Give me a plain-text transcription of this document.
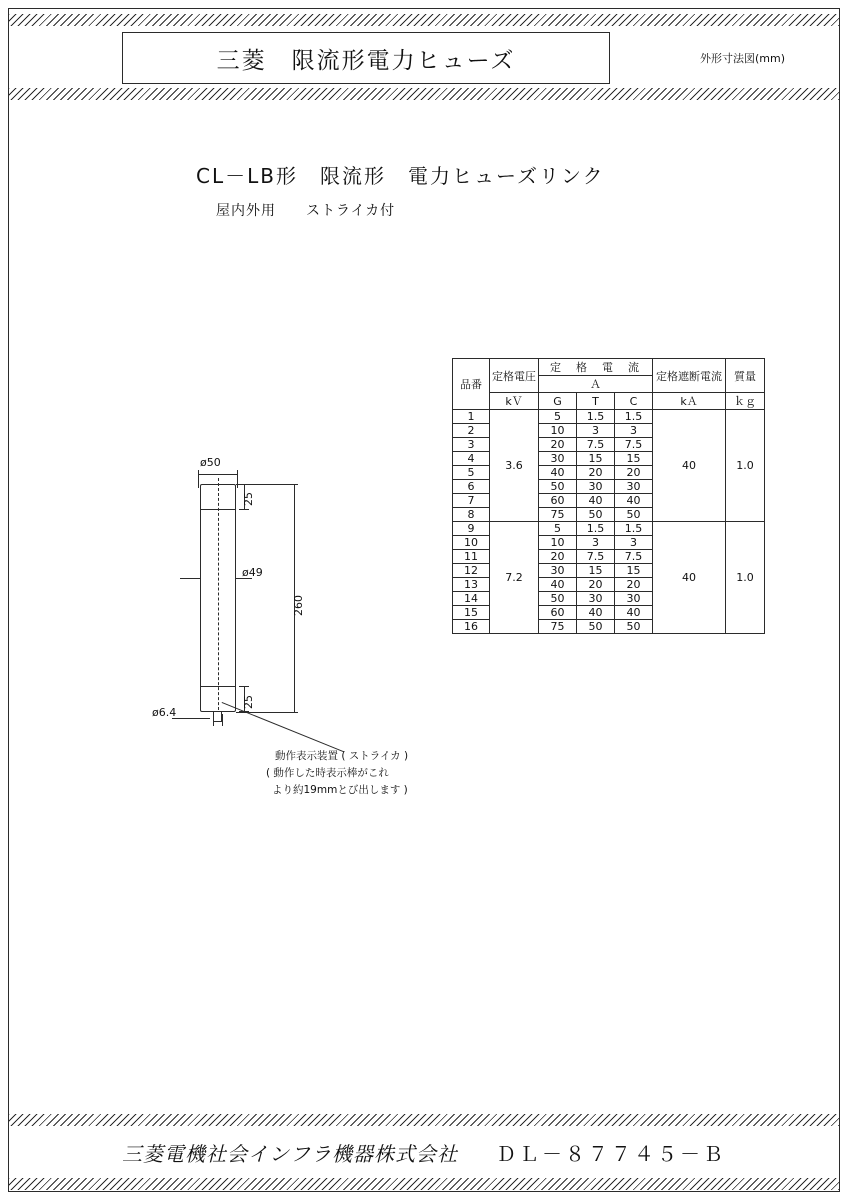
三菱　限流形電力ヒューズ	外形寸法図(mm)
CL－LB形　限流形　電力ヒューズリンク
屋内外用　　ストライカ付
ø50
25
25
260
ø49
ø6.4
動作表示装置 ( ストライカ )
( 動作した時表示棒がこれ
より約19mmとび出します )
品番	定格電圧	定　格　電　流			定格遮断電流	質量
		Ａ				
	kＶ	G	T	C	kＡ	ｋｇ
1	3.6	5	1.5	1.5	40	1.0
2		10	3	3		
3		20	7.5	7.5		
4		30	15	15		
5		40	20	20		
6		50	30	30		
7		60	40	40		
8		75	50	50		
9	7.2	5	1.5	1.5	40	1.0
10		10	3	3		
11		20	7.5	7.5		
12		30	15	15		
13		40	20	20		
14		50	30	30		
15		60	40	40		
16		75	50	50		
三菱電機社会インフラ機器株式会社 ＤＬ－８７７４５－Ｂ
